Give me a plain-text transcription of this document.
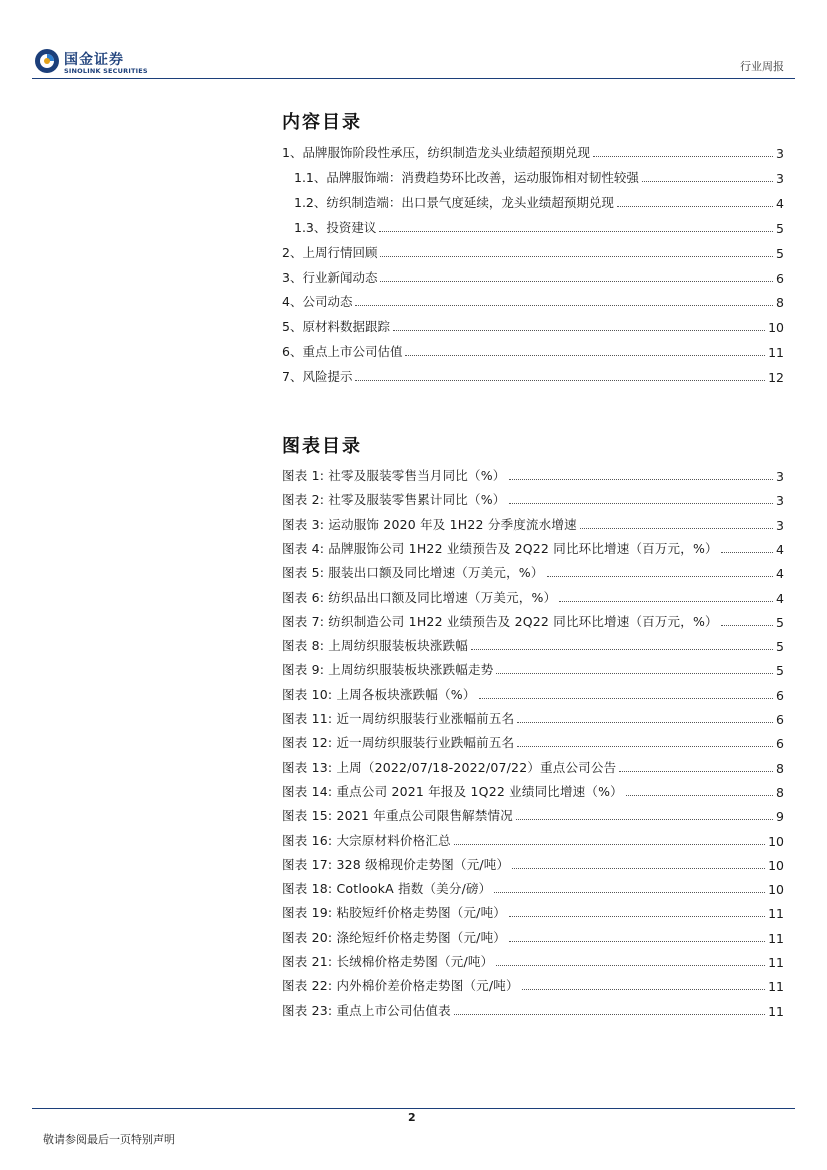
国金证券
SINOLINK SECURITIES	行业周报
内容目录
1、品牌服饰阶段性承压，纺织制造龙头业绩超预期兑现	3
1.1、品牌服饰端：消费趋势环比改善，运动服饰相对韧性较强	3
1.2、纺织制造端：出口景气度延续，龙头业绩超预期兑现	4
1.3、投资建议	5
2、上周行情回顾	5
3、行业新闻动态	6
4、公司动态	8
5、原材料数据跟踪	10
6、重点上市公司估值	11
7、风险提示	12
图表目录
图表 1: 社零及服装零售当月同比（%）	3
图表 2: 社零及服装零售累计同比（%）	3
图表 3: 运动服饰 2020 年及 1H22 分季度流水增速	3
图表 4: 品牌服饰公司 1H22 业绩预告及 2Q22 同比环比增速（百万元，%）	4
图表 5: 服装出口额及同比增速（万美元，%）	4
图表 6: 纺织品出口额及同比增速（万美元，%）	4
图表 7: 纺织制造公司 1H22 业绩预告及 2Q22 同比环比增速（百万元，%）	5
图表 8: 上周纺织服装板块涨跌幅	5
图表 9: 上周纺织服装板块涨跌幅走势	5
图表 10: 上周各板块涨跌幅（%）	6
图表 11: 近一周纺织服装行业涨幅前五名	6
图表 12: 近一周纺织服装行业跌幅前五名	6
图表 13: 上周（2022/07/18-2022/07/22）重点公司公告	8
图表 14: 重点公司 2021 年报及 1Q22 业绩同比增速（%）	8
图表 15: 2021 年重点公司限售解禁情况	9
图表 16: 大宗原材料价格汇总	10
图表 17: 328 级棉现价走势图（元/吨）	10
图表 18: CotlookA 指数（美分/磅）	10
图表 19: 粘胶短纤价格走势图（元/吨）	11
图表 20: 涤纶短纤价格走势图（元/吨）	11
图表 21: 长绒棉价格走势图（元/吨）	11
图表 22: 内外棉价差价格走势图（元/吨）	11
图表 23: 重点上市公司估值表	11
2
敬请参阅最后一页特别声明
